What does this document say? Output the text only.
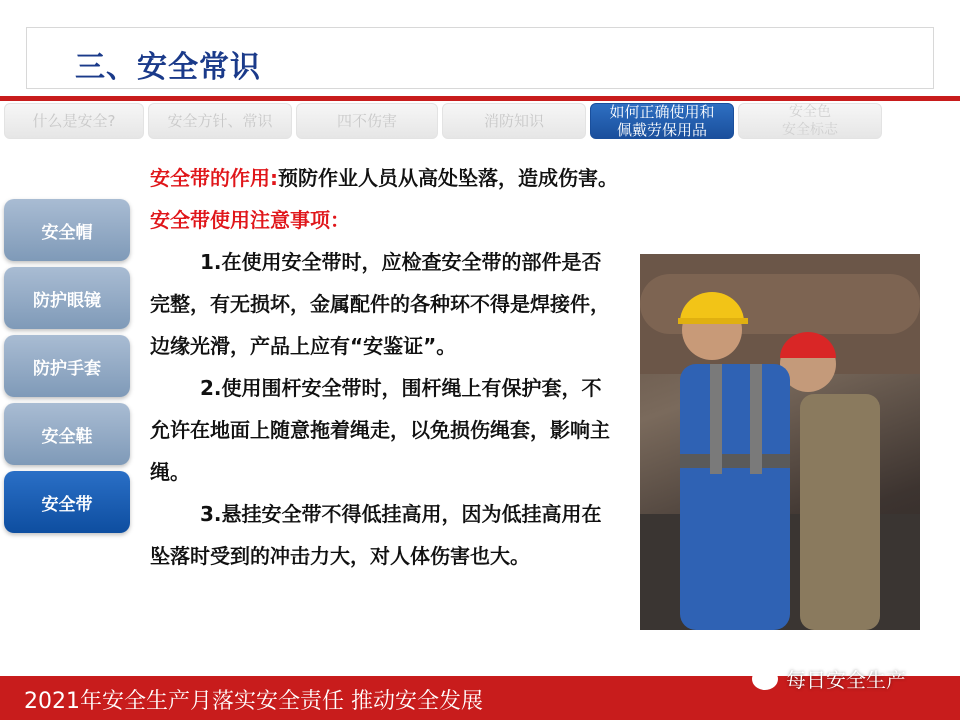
三、安全常识
什么是安全?	安全方针、常识	四不伤害	消防知识	如何正确使用和
佩戴劳保用品
安全色
安全标志
安全帽
防护眼镜
防护手套
安全鞋
安全带
安全带的作用:预防作业人员从高处坠落，造成伤害。
安全带使用注意事项：
1.在使用安全带时，应检查安全带的部件是否完整，有无损坏，金属配件的各种环不得是焊接件，边缘光滑，产品上应有“安鉴证”。
2.使用围杆安全带时，围杆绳上有保护套，不允许在地面上随意拖着绳走，以免损伤绳套，影响主绳。
3.悬挂安全带不得低挂高用，因为低挂高用在坠落时受到的冲击力大，对人体伤害也大。
2021年安全生产月落实安全责任 推动安全发展
每日安全生产
